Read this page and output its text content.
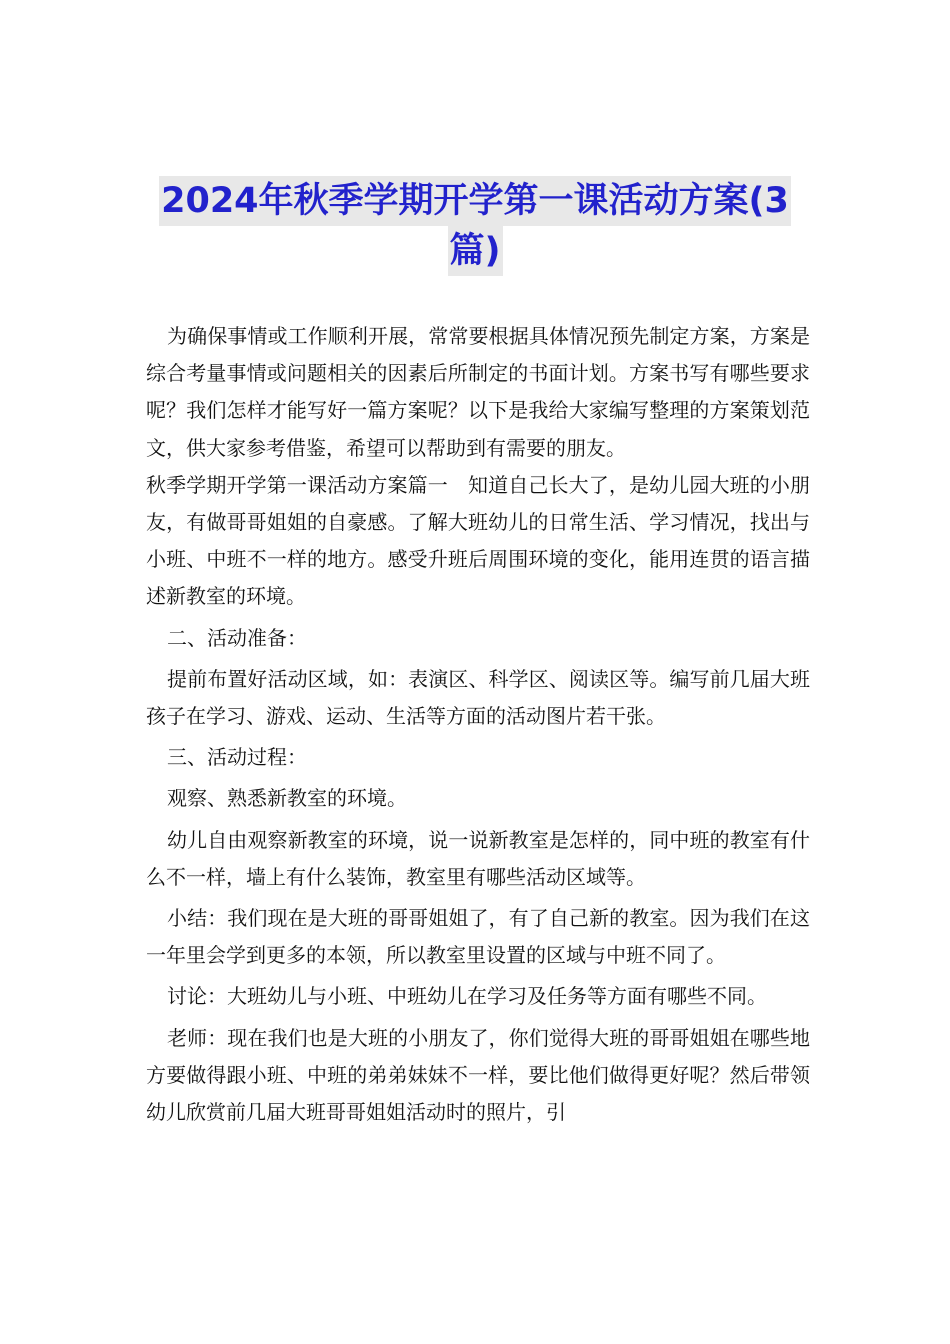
2024年秋季学期开学第一课活动方案(3
篇)

为确保事情或工作顺利开展，常常要根据具体情况预先制定方案，方案是综合考量事情或问题相关的因素后所制定的书面计划。方案书写有哪些要求呢？我们怎样才能写好一篇方案呢？以下是我给大家编写整理的方案策划范文，供大家参考借鉴，希望可以帮助到有需要的朋友。

秋季学期开学第一课活动方案篇一　知道自己长大了，是幼儿园大班的小朋友，有做哥哥姐姐的自豪感。了解大班幼儿的日常生活、学习情况，找出与小班、中班不一样的地方。感受升班后周围环境的变化，能用连贯的语言描述新教室的环境。

二、活动准备：

提前布置好活动区域，如：表演区、科学区、阅读区等。编写前几届大班孩子在学习、游戏、运动、生活等方面的活动图片若干张。

三、活动过程：

观察、熟悉新教室的环境。

幼儿自由观察新教室的环境，说一说新教室是怎样的，同中班的教室有什么不一样，墙上有什么装饰，教室里有哪些活动区域等。

小结：我们现在是大班的哥哥姐姐了，有了自己新的教室。因为我们在这一年里会学到更多的本领，所以教室里设置的区域与中班不同了。

讨论：大班幼儿与小班、中班幼儿在学习及任务等方面有哪些不同。

老师：现在我们也是大班的小朋友了，你们觉得大班的哥哥姐姐在哪些地方要做得跟小班、中班的弟弟妹妹不一样，要比他们做得更好呢？然后带领幼儿欣赏前几届大班哥哥姐姐活动时的照片，引
